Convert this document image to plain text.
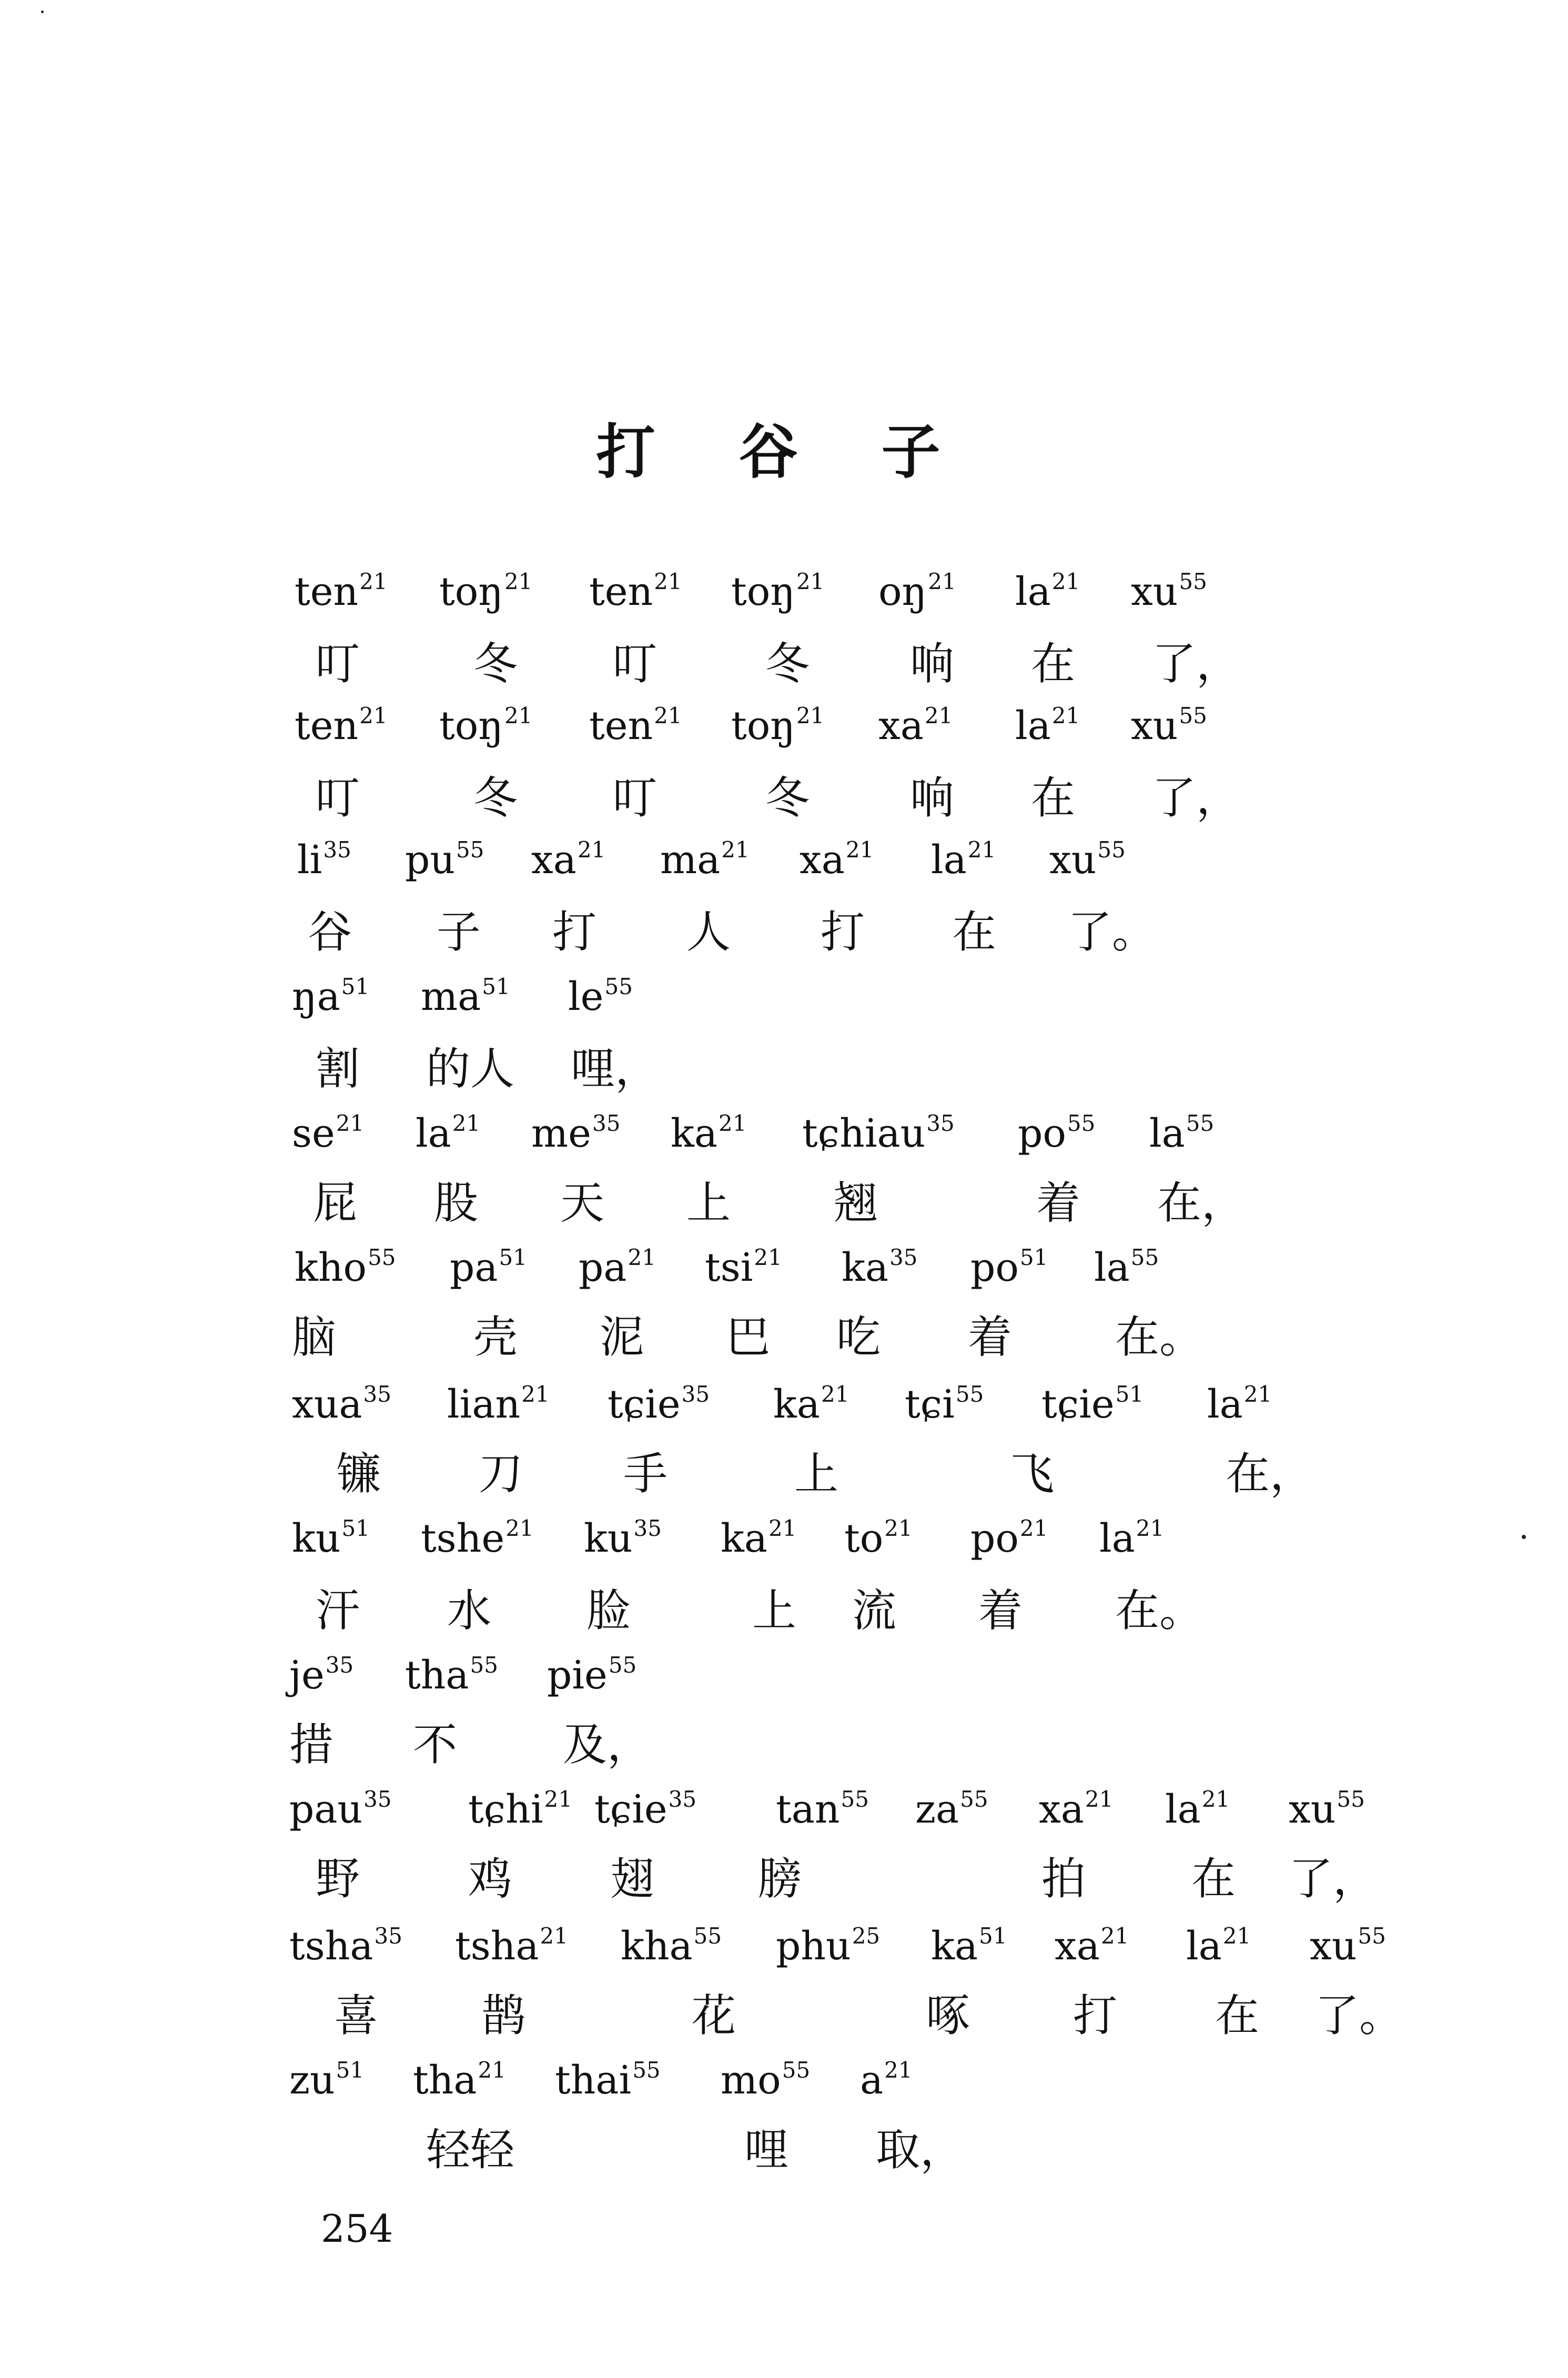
打 谷 子
ten$^{21}$ toŋ$^{21}$ ten$^{21}$ toŋ$^{21}$ $oŋ^{21}$ $la^{21}$ $xu^{55}$
叮	冬 叮 冬 响 在 了，
ten$^{21}$ toŋ$^{21}$ ten$^{21}$ toŋ$^{21}$ $xa^{21}$ $la^{21}$ $xu^{55}$
叮	冬 叮 冬 响 在 了，
$li^{35}$ $pu^{55}$ $xa^{21}$ $ma^{21}$ $xa^{21}$ $la^{21}$ $xu^{55}$
谷 子 打 人 打 在 了。
$ŋa^{51}$ $ma^{51}$ $le^{55}$
割 的人 哩，
$se^{21}$ $la^{21}$ $me^{35}$ $ka^{21}$ tɕhiau$^{35}$ $po^{55}$ $la^{55}$
屁 股 天 上 翘	着 在，
kho$^{55}$ $pa^{51}$ $pa^{21}$ tsi$^{21}$ $ka^{35}$ $po^{51}$ $la^{55}$
脑	壳 泥 巴 吃 着 在。
xua$^{35}$ lian$^{21}$ tɕie$^{35}$ $ka^{21}$ tɕi$^{55}$ tɕie$^{51}$ $la^{21}$
镰 刀 手	上	飞	在，
$ku^{51}$ tshe$^{21}$ $ku^{35}$ $ka^{21}$ $to^{21}$ $po^{21}$ $la^{21}$
汗 水 脸	上 流 着 在。
$je^{35}$ tha$^{55}$ pie$^{55}$
措 不 及，
pau$^{35}$ tɕhi$^{21}$ tɕie$^{35}$ $\tan^{55} za^{55}$ $xa^{21}$ $la^{21}$ $xu^{55}$
野 鸡 翅 膀	拍 在 了，
tsha$^{35}$ tsha$^{21}$ kha$^{55}$ phu$^{25}$ $ka^{51}$ $xa^{21}$ $la^{21}$ $xu^{55}$
喜 鹊	花	啄 打 在 了。
$zu^{51}$ tha$^{21}$ thai$^{55}$ $mo^{55}$ $a^{21}$
轻轻	哩 取，
254
